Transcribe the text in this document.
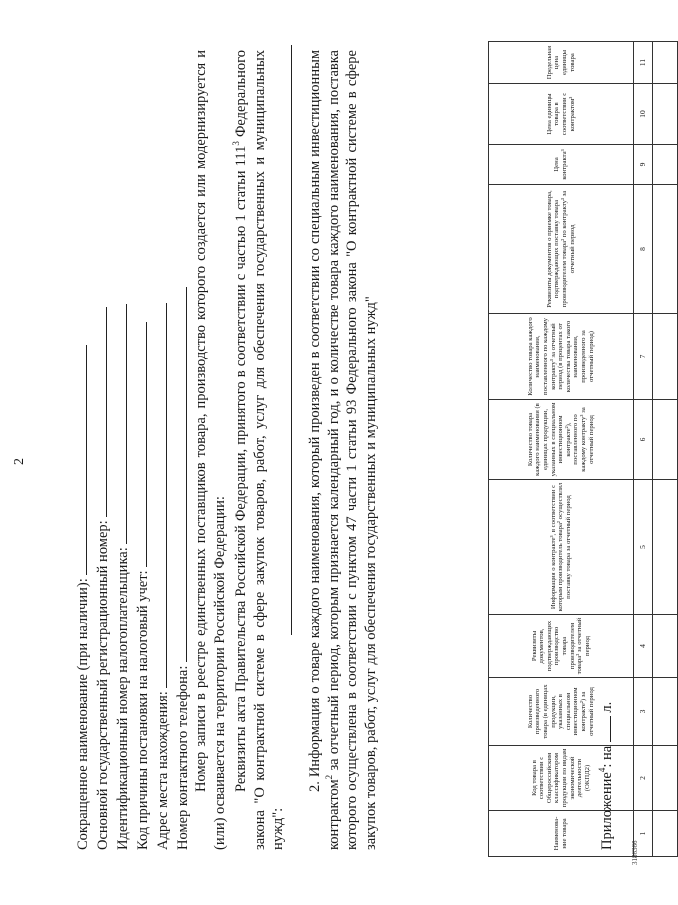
2
Сокращенное наименование (при наличии): Основной государственный регистрационный номер: Идентификационный номер налогоплательщика: Код причины постановки на налоговый учет: Адрес места нахождения: Номер контактного телефона: Номер записи в реестре единственных поставщиков товара, производство которого создается или модернизируется и (или) осваивается на территории Российской Федерации: Реквизиты акта Правительства Российской Федерации, принятого в соответствии с частью 1 статьи $111^3$ Федерального закона "О контрактной системе в сфере закупок товаров, работ, услуг для обеспечения государственных и муниципальных нужд":
2. Информация о товаре каждого наименования, который произведен в соответствии со специальным инвестиционным контрактом$^2$ за отчетный период, которым признается календарный год, и о количестве товара каждого наименования, поставка которого осуществлена в соответствии с пунктом 47 части 1 статьи 93 Федерального закона "О контрактной системе в сфере закупок товаров, работ, услуг для обеспечения государственных и муниципальных нужд"	Наименова-ние товара	Код товара в соответствии с Общероссийским классификатором продукции по видам экономической деятельности (ОКПД2)	Количество произведенного товара (в единицах продукции, указанных в специальном инвестиционном контракте²) за отчетный период	Реквизиты документов, подтверждающих производство товара производителем товара² за отчетный период	Информация о контракте³, в соответствии с которым производитель товара² осуществлял поставку товара за отчетный период	Количество товара каждого наименования (в единицах продукции, указанных в специальном инвестиционном контракте²), поставленного по каждому контракту³ за отчетный период	Количество товара каждого наименования, поставленного по каждому контракту³ за отчетный период (в процентах от количества товара такого наименования, произведенного за отчетный период)	Реквизиты документов о приемке товара, подтверждающих поставку товара производителем товара² по контракту³ за отчетный период	Цена контракта³	Цена единицы товара в соответствии с контрактом³	Предельная цена единицы товара
1	2	3	4	5	6	7	8	9	10	11

Приложение$^4$: на  л.
3186366
